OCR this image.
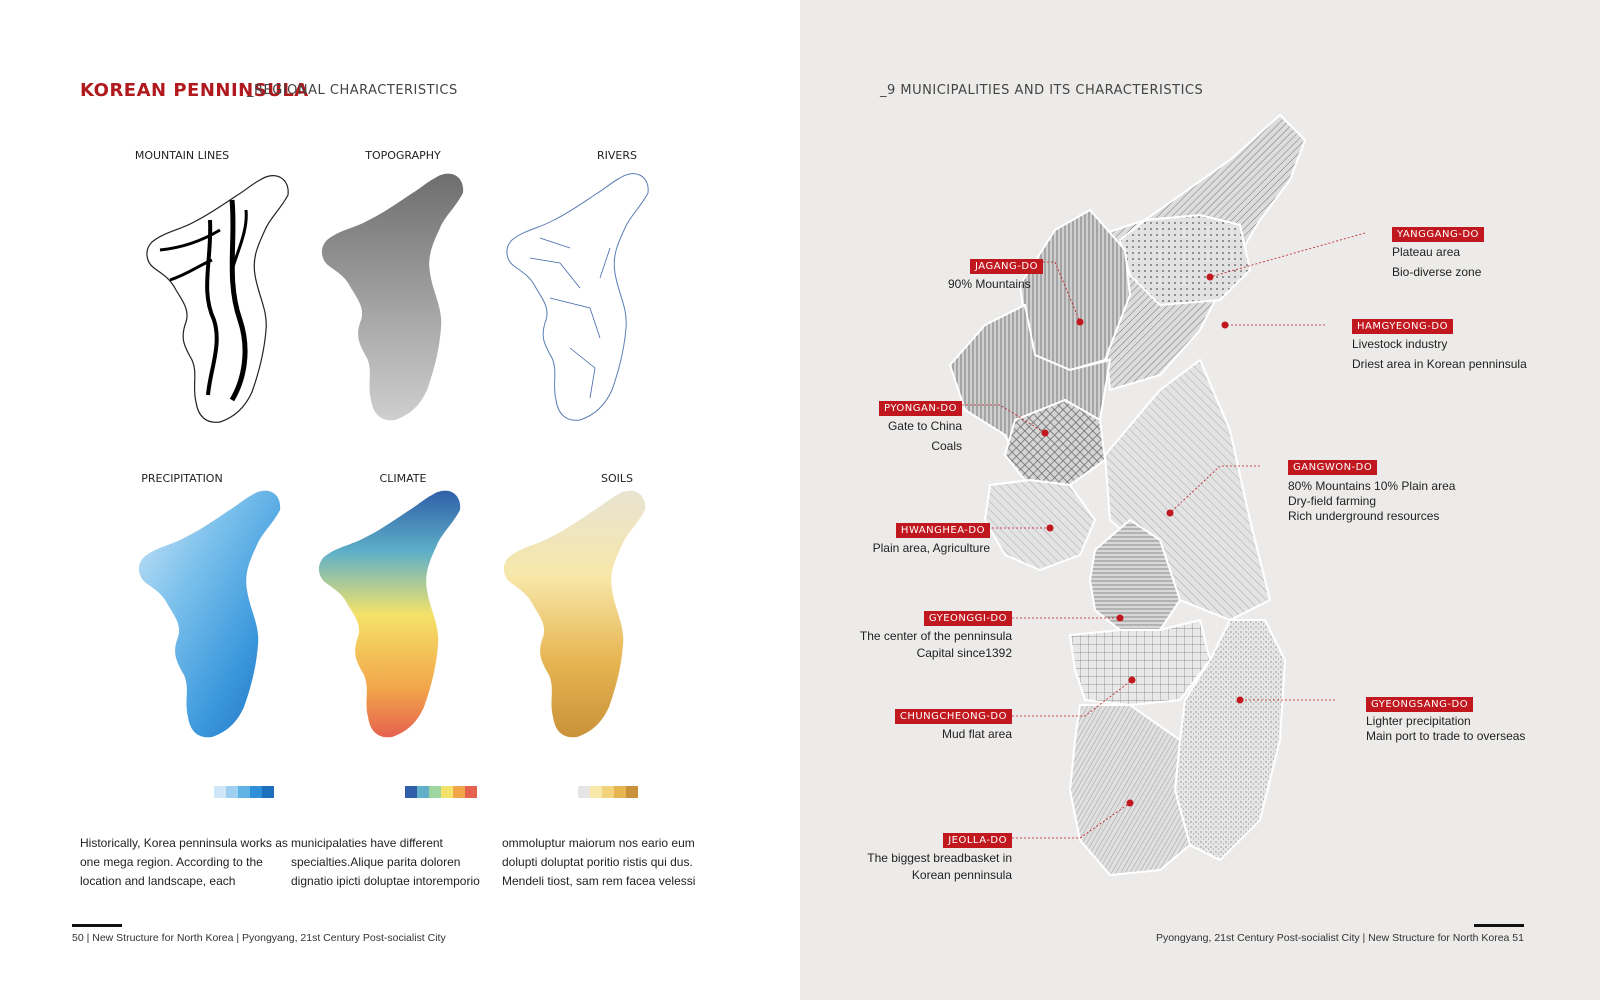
KOREAN PENNINSULA
_REGIONAL CHARACTERISTICS
MOUNTAIN LINES	TOPOGRAPHY	RIVERS
PRECIPITATION	CLIMATE	SOILS
Historically, Korea penninsula works as one mega region. According to the location and landscape, each
municipalaties have different specialties.Alique parita doloren dignatio ipicti doluptae intoremporio
ommoluptur maiorum nos eario eum dolupti doluptat poritio ristis qui dus. Mendeli tiost, sam rem facea velessi
50 | New Structure for North Korea | Pyongyang, 21st Century Post-socialist City
_9 MUNICIPALITIES AND ITS CHARACTERISTICS
JAGANG-DO
90% Mountains
YANGGANG-DO
Plateau area
Bio-diverse zone
HAMGYEONG-DO
Livestock industry
Driest area in Korean penninsula
PYONGAN-DO
Gate to China
Coals
GANGWON-DO
80% Mountains 10% Plain area
Dry-field farming
Rich underground resources
HWANGHEA-DO
Plain area, Agriculture
GYEONGGI-DO
The center of the penninsula
Capital since1392
CHUNGCHEONG-DO
Mud flat area
GYEONGSANG-DO
Lighter precipitation
Main port to trade to overseas
JEOLLA-DO
The biggest breadbasket in
Korean penninsula
Pyongyang, 21st Century Post-socialist City | New Structure for North Korea 51
